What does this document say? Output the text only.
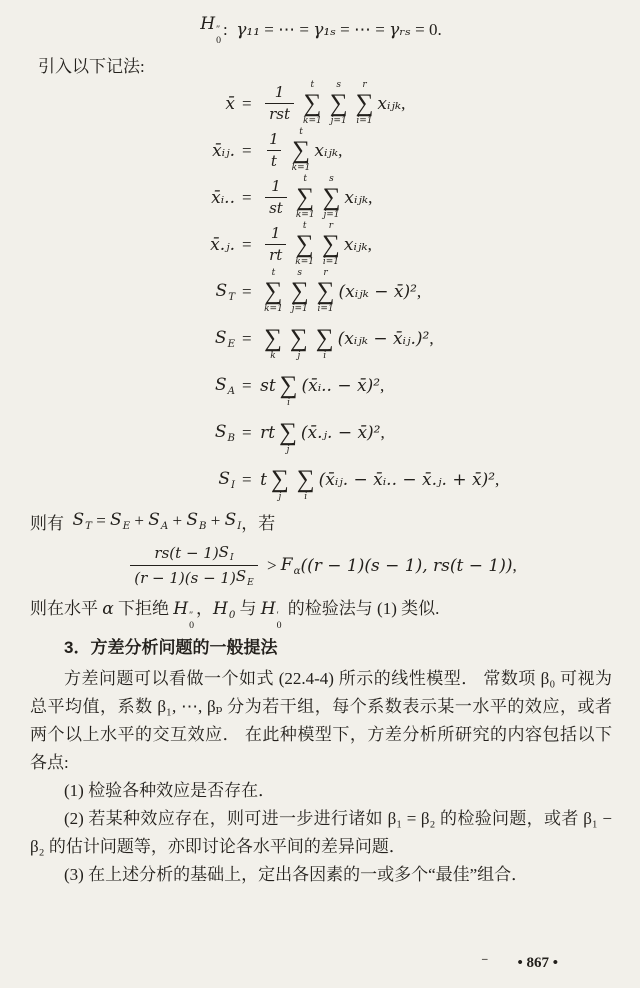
H ″
0
: γ₁₁ = ⋯ = γ₁ₛ = ⋯ = γᵣₛ = 0.
引入以下记法:
x̄ = $\frac{1}{\text{rst}}$ t
∑
k=1
s
∑
j=1
r
∑
i=1
xᵢⱼₖ ,
x̄ᵢⱼ. = $\frac{1}{t}$ t
∑
k=1
xᵢⱼₖ ,
x̄ᵢ.. = $\frac{1}{st}$ t
∑
k=1
s
∑
j=1
xᵢⱼₖ ,
x̄.ⱼ. = $\frac{1}{rt}$ t
∑
k=1
r
∑
i=1
xᵢⱼₖ ,
$S_T$ =
t
∑
k=1
s
∑
j=1
r
∑
i=1
(xᵢⱼₖ − x̄)² ,
$S_E$ = ∑
k
∑
j
∑
i
(xᵢⱼₖ − x̄ᵢⱼ.)² ,
$S_A$ = st ∑
i
(x̄ᵢ.. − x̄)² ,
$S_B$ = rt ∑
j
(x̄.ⱼ. − x̄)² ,
$S_I = t$ ∑
j
∑
i
(x̄ᵢⱼ. − x̄ᵢ.. − x̄.ⱼ. + x̄)² ,
则有 $S_T = S_E + S_A + S_B + S_I$ ，若
$\frac{rs(t - 1) S_I}{(r - 1)(s - 1) S_E} > F_\alpha$ ((r − 1)(s − 1), rs(t − 1)) ,
则在水平 α 下拒绝 H ″
0
，$H_0$ 与 H ′
0
的检验法与 (1) 类似.
3．方差分析问题的一般提法

方差问题可以看做一个如式 (22.4-4) 所示的线性模型． 常数项 β₀ 可视为总平均值，系数 β₁, ⋯, βₚ 分为若干组，每个系数表示某一水平的效应，或者两个以上水平的交互效应． 在此种模型下，方差分析所研究的内容包括以下各点:

(1) 检验各种效应是否存在．

(2) 若某种效应存在，则可进一步进行诸如 β₁ = β₂ 的检验问题，或者 β₁ − β₂ 的估计问题等，亦即讨论各水平间的差异问题．

(3) 在上述分析的基础上，定出各因素的一或多个“最佳”组合．

– • 867 •
